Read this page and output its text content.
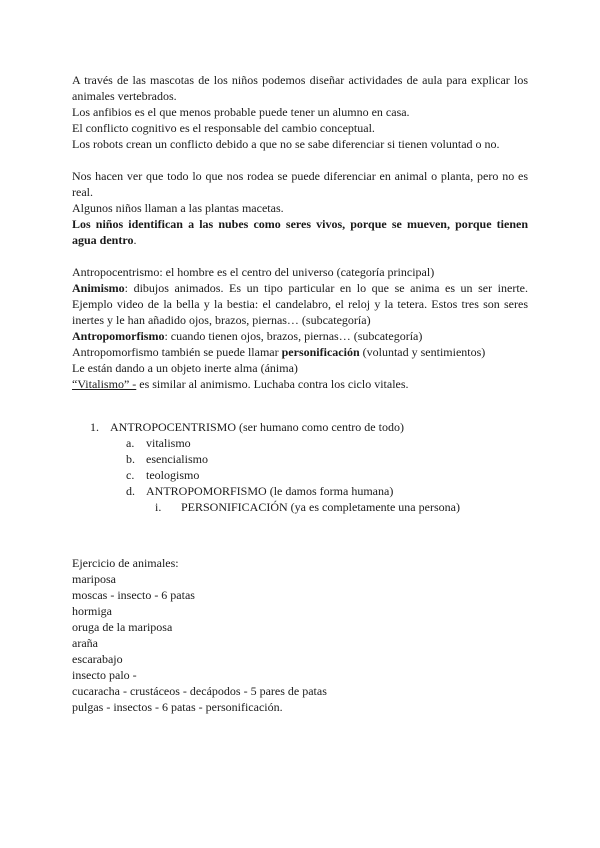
A través de las mascotas de los niños podemos diseñar actividades de aula para explicar los animales vertebrados.

Los anfibios es el que menos probable puede tener un alumno en casa.

El conflicto cognitivo es el responsable del cambio conceptual.

Los robots crean un conflicto debido a que no se sabe diferenciar si tienen voluntad o no.

Nos hacen ver que todo lo que nos rodea se puede diferenciar en animal o planta, pero no es real.

Algunos niños llaman a las plantas macetas.

Los niños identifican a las nubes como seres vivos, porque se mueven, porque tienen agua dentro.

Antropocentrismo: el hombre es el centro del universo (categoría principal)

Animismo: dibujos animados. Es un tipo particular en lo que se anima es un ser inerte. Ejemplo video de la bella y la bestia: el candelabro, el reloj y la tetera. Estos tres son seres inertes y le han añadido ojos, brazos, piernas… (subcategoría)

Antropomorfismo: cuando tienen ojos, brazos, piernas… (subcategoría)

Antropomorfismo también se puede llamar personificación (voluntad y sentimientos)

Le están dando a un objeto inerte alma (ánima)

“Vitalismo” - es similar al animismo. Luchaba contra los ciclo vitales.

1. ANTROPOCENTRISMO (ser humano como centro de todo)
a. vitalismo
b. esencialismo
c. teologismo
d. ANTROPOMORFISMO (le damos forma humana)
i. PERSONIFICACIÓN (ya es completamente una persona)

Ejercicio de animales:

mariposa

moscas - insecto - 6 patas

hormiga

oruga de la mariposa

araña

escarabajo

insecto palo -

cucaracha - crustáceos - decápodos - 5 pares de patas

pulgas - insectos - 6 patas - personificación.
